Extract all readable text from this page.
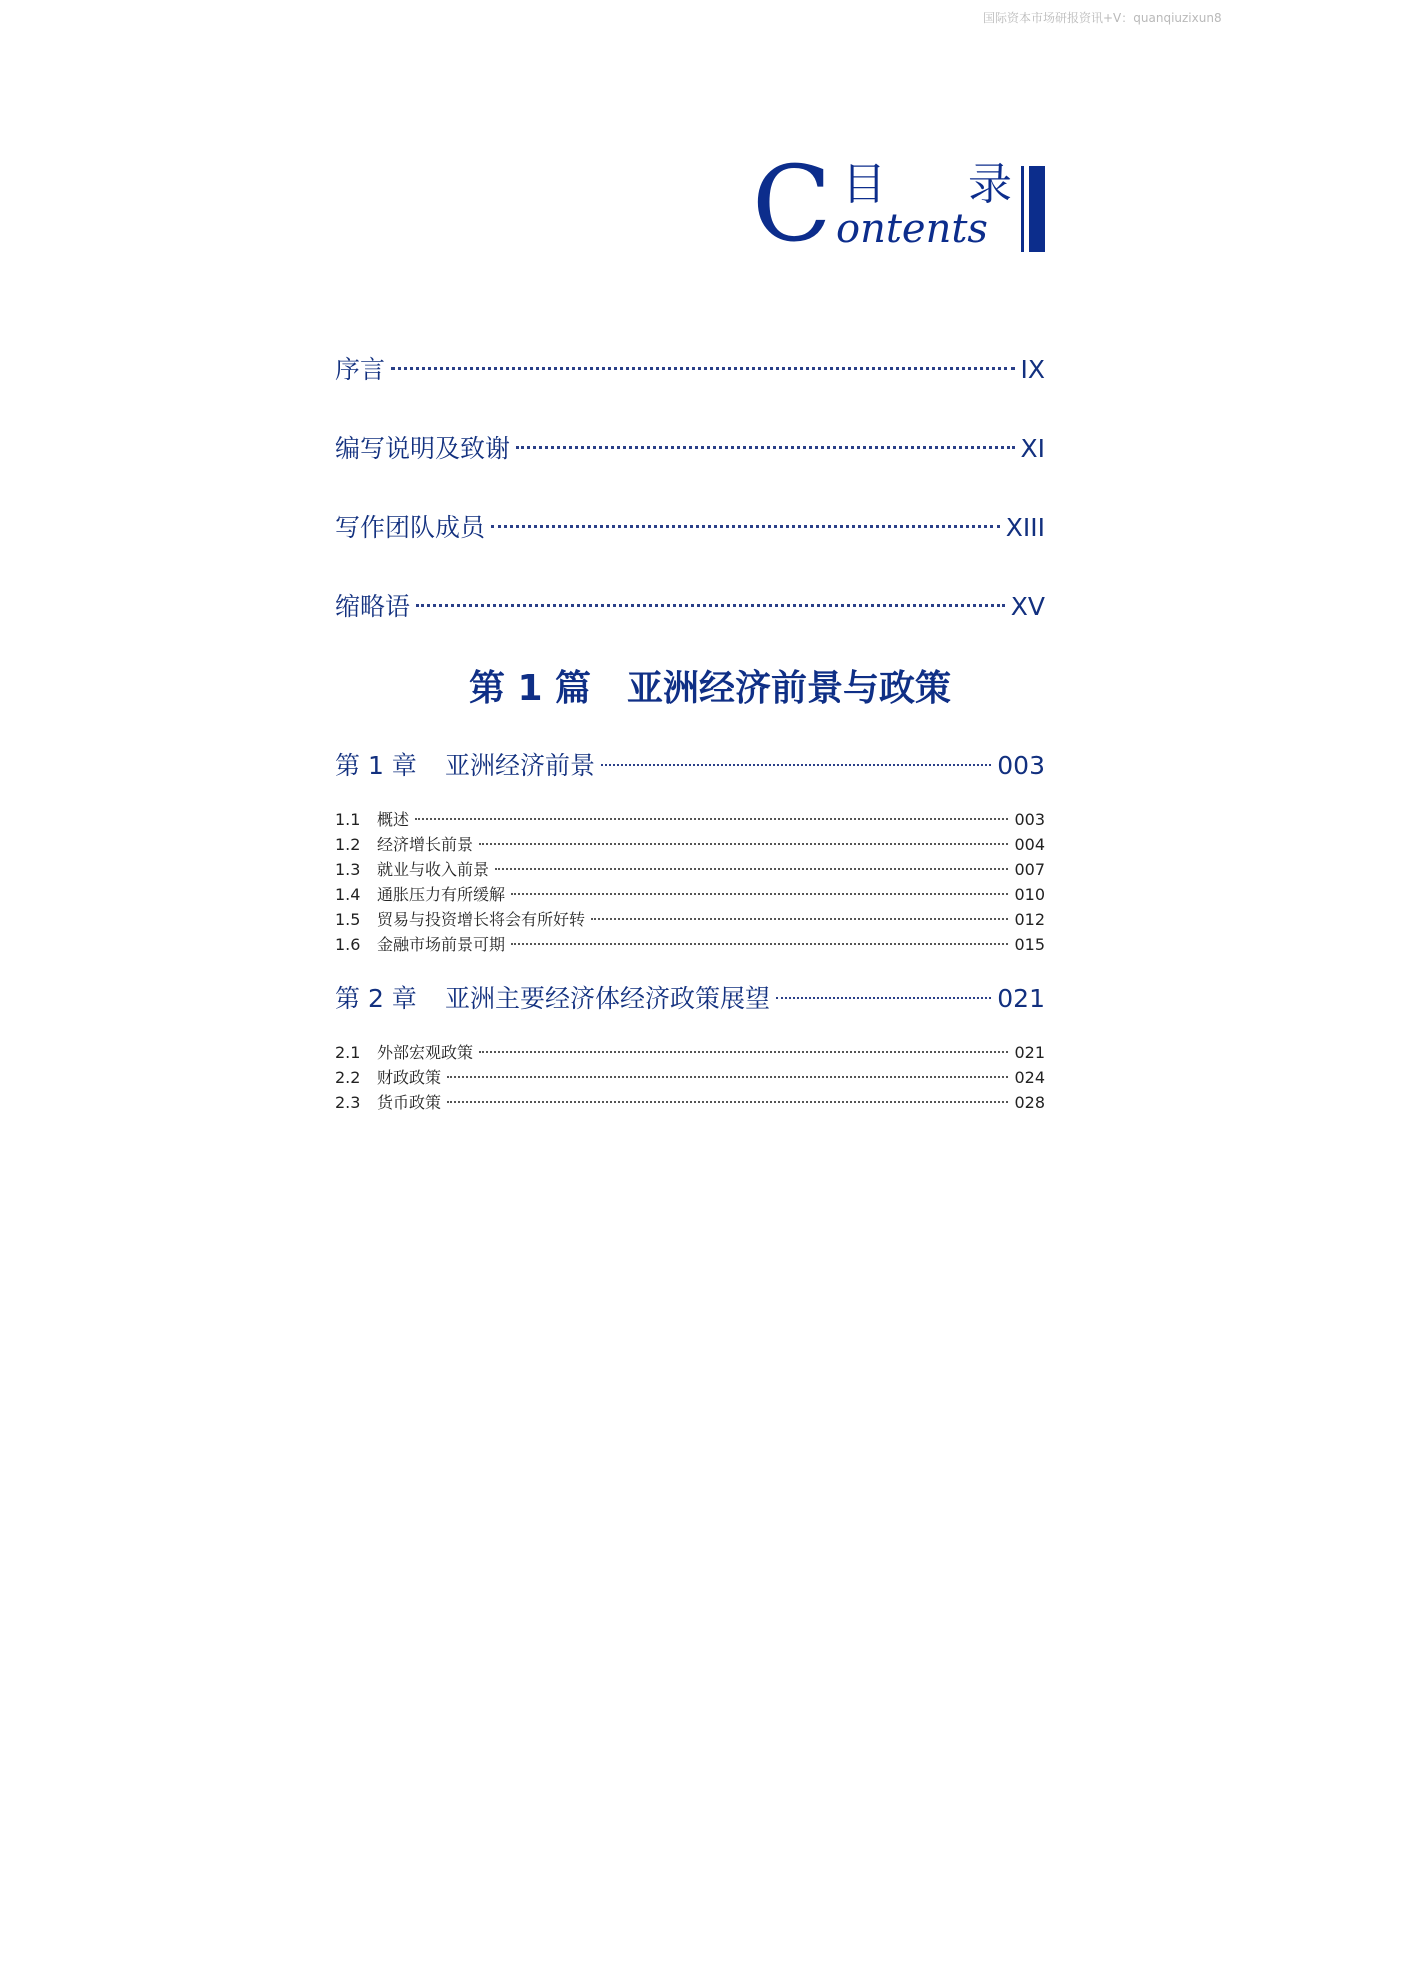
国际资本市场研报资讯+V：quanqiuzixun8
C 目 录
ontents
序言	IX
编写说明及致谢	XI
写作团队成员	XIII
缩略语	XV
第 1 章 亚洲经济前景	003
1.1 概述	003
1.2 经济增长前景	004
1.3 就业与收入前景	007
1.4 通胀压力有所缓解	010
1.5 贸易与投资增长将会有所好转	012
1.6 金融市场前景可期	015
第 2 章 亚洲主要经济体经济政策展望	021
2.1 外部宏观政策	021
2.2 财政政策	024
2.3 货币政策	028
第 1 篇　亚洲经济前景与政策
